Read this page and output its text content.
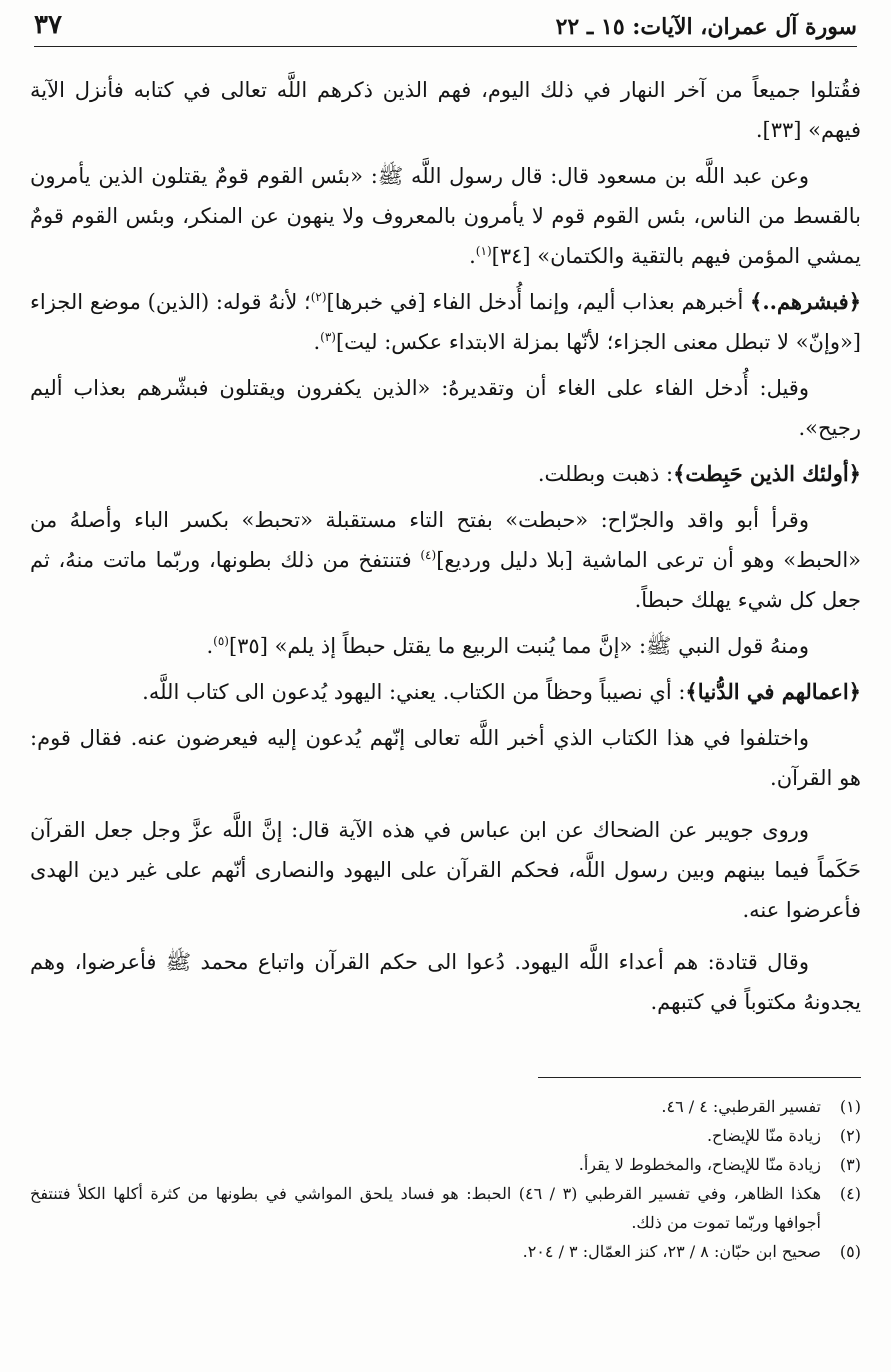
سورة آل عمران، الآيات: ١٥ ـ ٢٢
٣٧

فقُتلوا جميعاً من آخر النهار في ذلك اليوم، فهم الذين ذكرهم اللَّه تعالى في كتابه فأنزل الآية فيهم» [٣٣].

وعن عبد اللَّه بن مسعود قال: قال رسول اللَّه ﷺ: «بئس القوم قومٌ يقتلون الذين يأمرون بالقسط من الناس، بئس القوم قوم لا يأمرون بالمعروف ولا ينهون عن المنكر، وبئس القوم قومٌ يمشي المؤمن فيهم بالتقية والكتمان» [٣٤]$^{(١)}$.

﴿فبشرهم..﴾ أخبرهم بعذاب أليم، وإنما أُدخل الفاء [في خبرها]$^{(٢)}$؛ لأنهُ قوله: (الذين) موضع الجزاء [«وإنّ» لا تبطل معنى الجزاء؛ لأنّها بمزلة الابتداء عكس: ليت]$^{(٣)}$.

وقيل: أُدخل الفاء على الغاء أن وتقديرهُ: «الذين يكفرون ويقتلون فبشّرهم بعذاب أليم رجيح».

﴿أولئك الذين حَبِطت﴾: ذهبت وبطلت.

وقرأ أبو واقد والجرّاح: «حبطت» بفتح التاء مستقبلة «تحبط» بكسر الباء وأصلهُ من «الحبط» وهو أن ترعى الماشية [بلا دليل ورديع]$^{(٤)}$ فتنتفخ من ذلك بطونها، وربّما ماتت منهُ، ثم جعل كل شيء يهلك حبطاً.

ومنهُ قول النبي ﷺ: «إنَّ مما يُنبت الربيع ما يقتل حبطاً إذ يلم» [٣٥]$^{(٥)}$.

﴿اعمالهم في الدُّنيا﴾: أي نصيباً وحظاً من الكتاب. يعني: اليهود يُدعون الى كتاب اللَّه.

واختلفوا في هذا الكتاب الذي أخبر اللَّه تعالى إنّهم يُدعون إليه فيعرضون عنه. فقال قوم: هو القرآن.

وروى جويبر عن الضحاك عن ابن عباس في هذه الآية قال: إنَّ اللَّه عزَّ وجل جعل القرآن حَكَماً فيما بينهم وبين رسول اللَّه، فحكم القرآن على اليهود والنصارى أنّهم على غير دين الهدى فأعرضوا عنه.

وقال قتادة: هم أعداء اللَّه اليهود. دُعوا الى حكم القرآن واتباع محمد ﷺ فأعرضوا، وهم يجدونهُ مكتوباً في كتبهم.

(١)
تفسير القرطبي: ٤ / ٤٦.
(٢)
زيادة منّا للإيضاح.
(٣)
زيادة منّا للإيضاح، والمخطوط لا يقرأ.
(٤)
هكذا الظاهر، وفي تفسير القرطبي (٣ / ٤٦) الحبط: هو فساد يلحق المواشي في بطونها من كثرة أكلها الكلأ فتنتفخ أجوافها وربّما تموت من ذلك.
(٥)
صحيح ابن حبّان: ٨ / ٢٣، كنز العمّال: ٣ / ٢٠٤.
